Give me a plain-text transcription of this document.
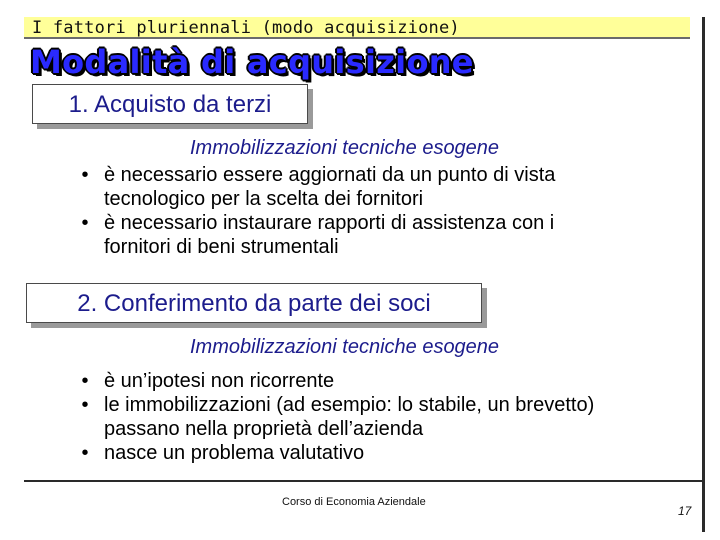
I fattori pluriennali (modo acquisizione)
Modalità di acquisizione
1. Acquisto da terzi
Immobilizzazioni tecniche esogene
• è necessario essere aggiornati da un punto di vista tecnologico per la scelta dei fornitori
• è necessario instaurare rapporti di assistenza con i fornitori di beni strumentali
2. Conferimento da parte dei soci
Immobilizzazioni tecniche esogene
• è un’ipotesi non ricorrente
• le immobilizzazioni (ad esempio: lo stabile, un brevetto) passano nella proprietà dell’azienda
• nasce un problema valutativo
Corso di Economia Aziendale
17
